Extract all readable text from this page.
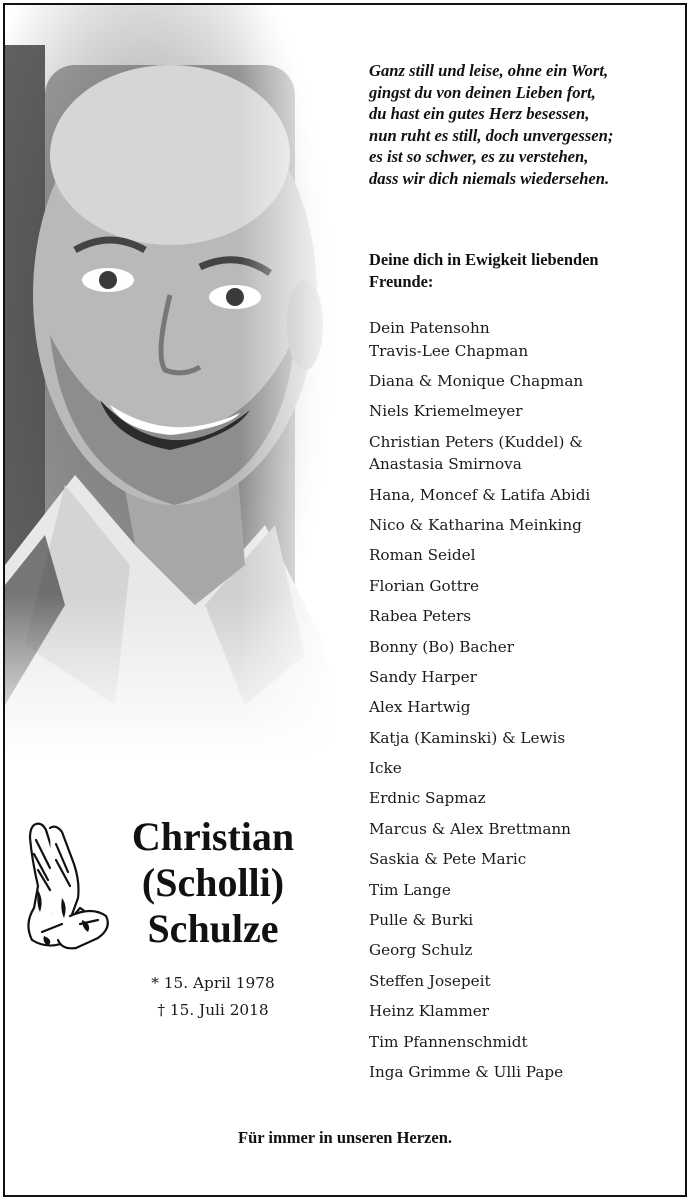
Ganz still und leise, ohne ein Wort,
gingst du von deinen Lieben fort,
du hast ein gutes Herz besessen,
nun ruht es still, doch unvergessen;
es ist so schwer, es zu verstehen,
dass wir dich niemals wiedersehen.
Deine dich in Ewigkeit liebenden
Freunde:
Dein Patensohn
Travis-Lee Chapman
Diana & Monique Chapman
Niels Kriemelmeyer
Christian Peters (Kuddel) &
Anastasia Smirnova
Hana, Moncef & Latifa Abidi
Nico & Katharina Meinking
Roman Seidel
Florian Gottre
Rabea Peters
Bonny (Bo) Bacher
Sandy Harper
Alex Hartwig
Katja (Kaminski) & Lewis
Icke
Erdnic Sapmaz
Marcus & Alex Brettmann
Saskia & Pete Maric
Tim Lange
Pulle & Burki
Georg Schulz
Steffen Josepeit
Heinz Klammer
Tim Pfannenschmidt
Inga Grimme & Ulli Pape
Christian
(Scholli)
Schulze
* 15. April 1978
† 15. Juli 2018
Für immer in unseren Herzen.
